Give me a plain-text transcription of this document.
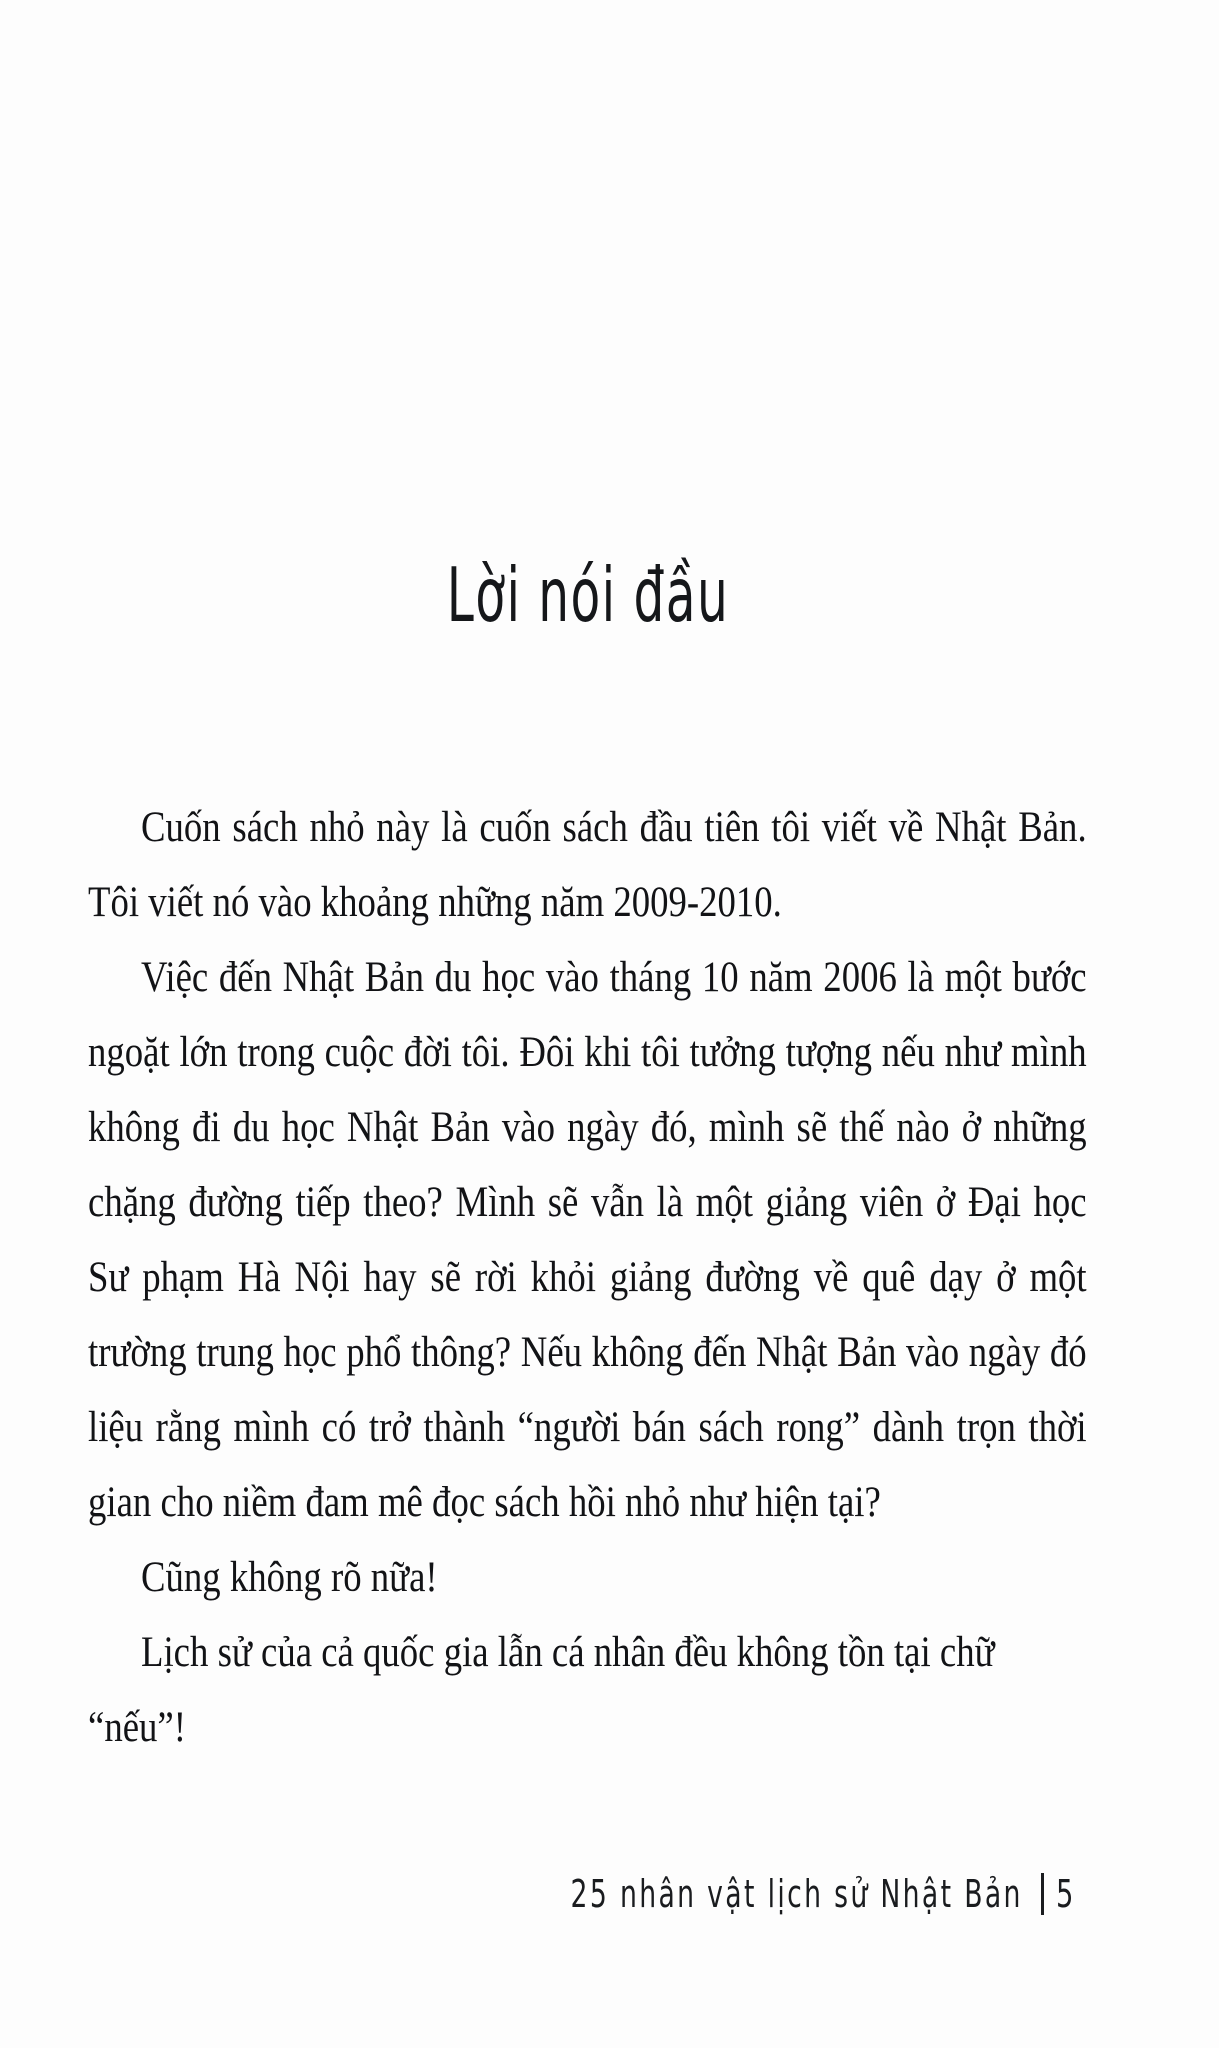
Lời nói đầu

Cuốn sách nhỏ này là cuốn sách đầu tiên tôi viết về Nhật Bản. Tôi viết nó vào khoảng những năm 2009-2010.

Việc đến Nhật Bản du học vào tháng 10 năm 2006 là một bước ngoặt lớn trong cuộc đời tôi. Đôi khi tôi tưởng tượng nếu như mình không đi du học Nhật Bản vào ngày đó, mình sẽ thế nào ở những chặng đường tiếp theo? Mình sẽ vẫn là một giảng viên ở Đại học Sư phạm Hà Nội hay sẽ rời khỏi giảng đường về quê dạy ở một trường trung học phổ thông? Nếu không đến Nhật Bản vào ngày đó liệu rằng mình có trở thành “người bán sách rong” dành trọn thời gian cho niềm đam mê đọc sách hồi nhỏ như hiện tại?

Cũng không rõ nữa!

Lịch sử của cả quốc gia lẫn cá nhân đều không tồn tại chữ “nếu”!

25 nhân vật lịch sử Nhật Bản 5
